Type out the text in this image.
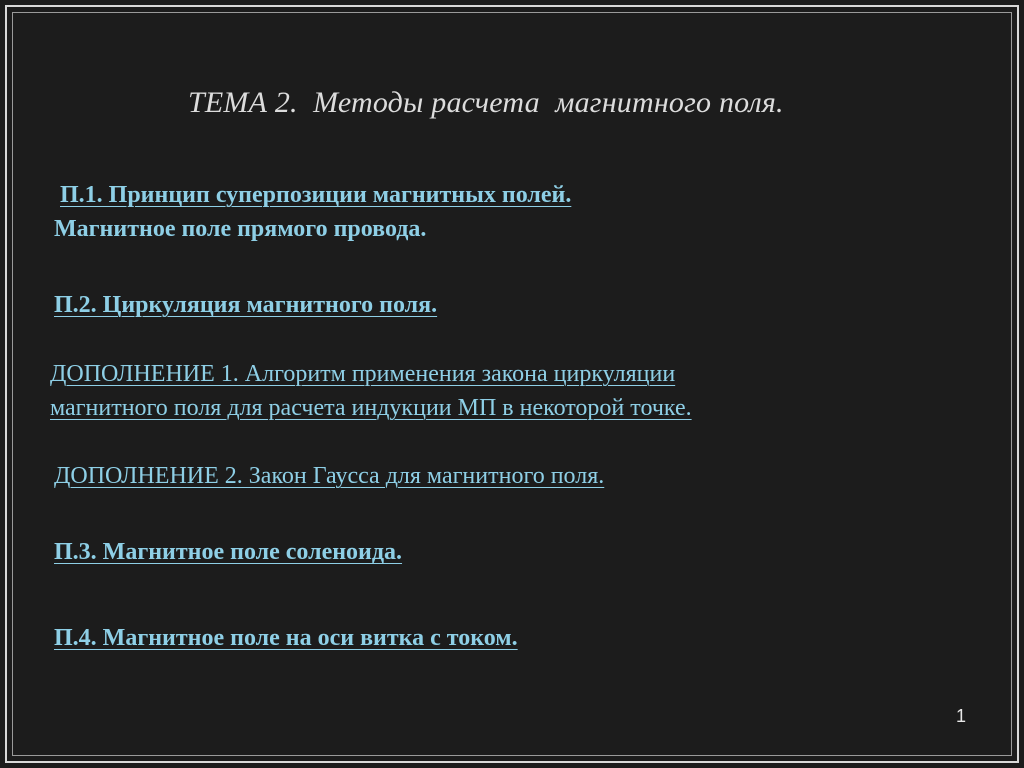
ТЕМА 2.  Методы расчета  магнитного поля.
П.1. Принцип суперпозиции магнитных полей.
Магнитное поле прямого провода.
П.2. Циркуляция магнитного поля.
ДОПОЛНЕНИЕ 1. Алгоритм применения закона циркуляции
магнитного поля для расчета индукции МП в некоторой точке.
ДОПОЛНЕНИЕ 2. Закон Гаусса для магнитного поля.
П.3. Магнитное поле соленоида.
П.4. Магнитное поле на оси витка с током.
1
